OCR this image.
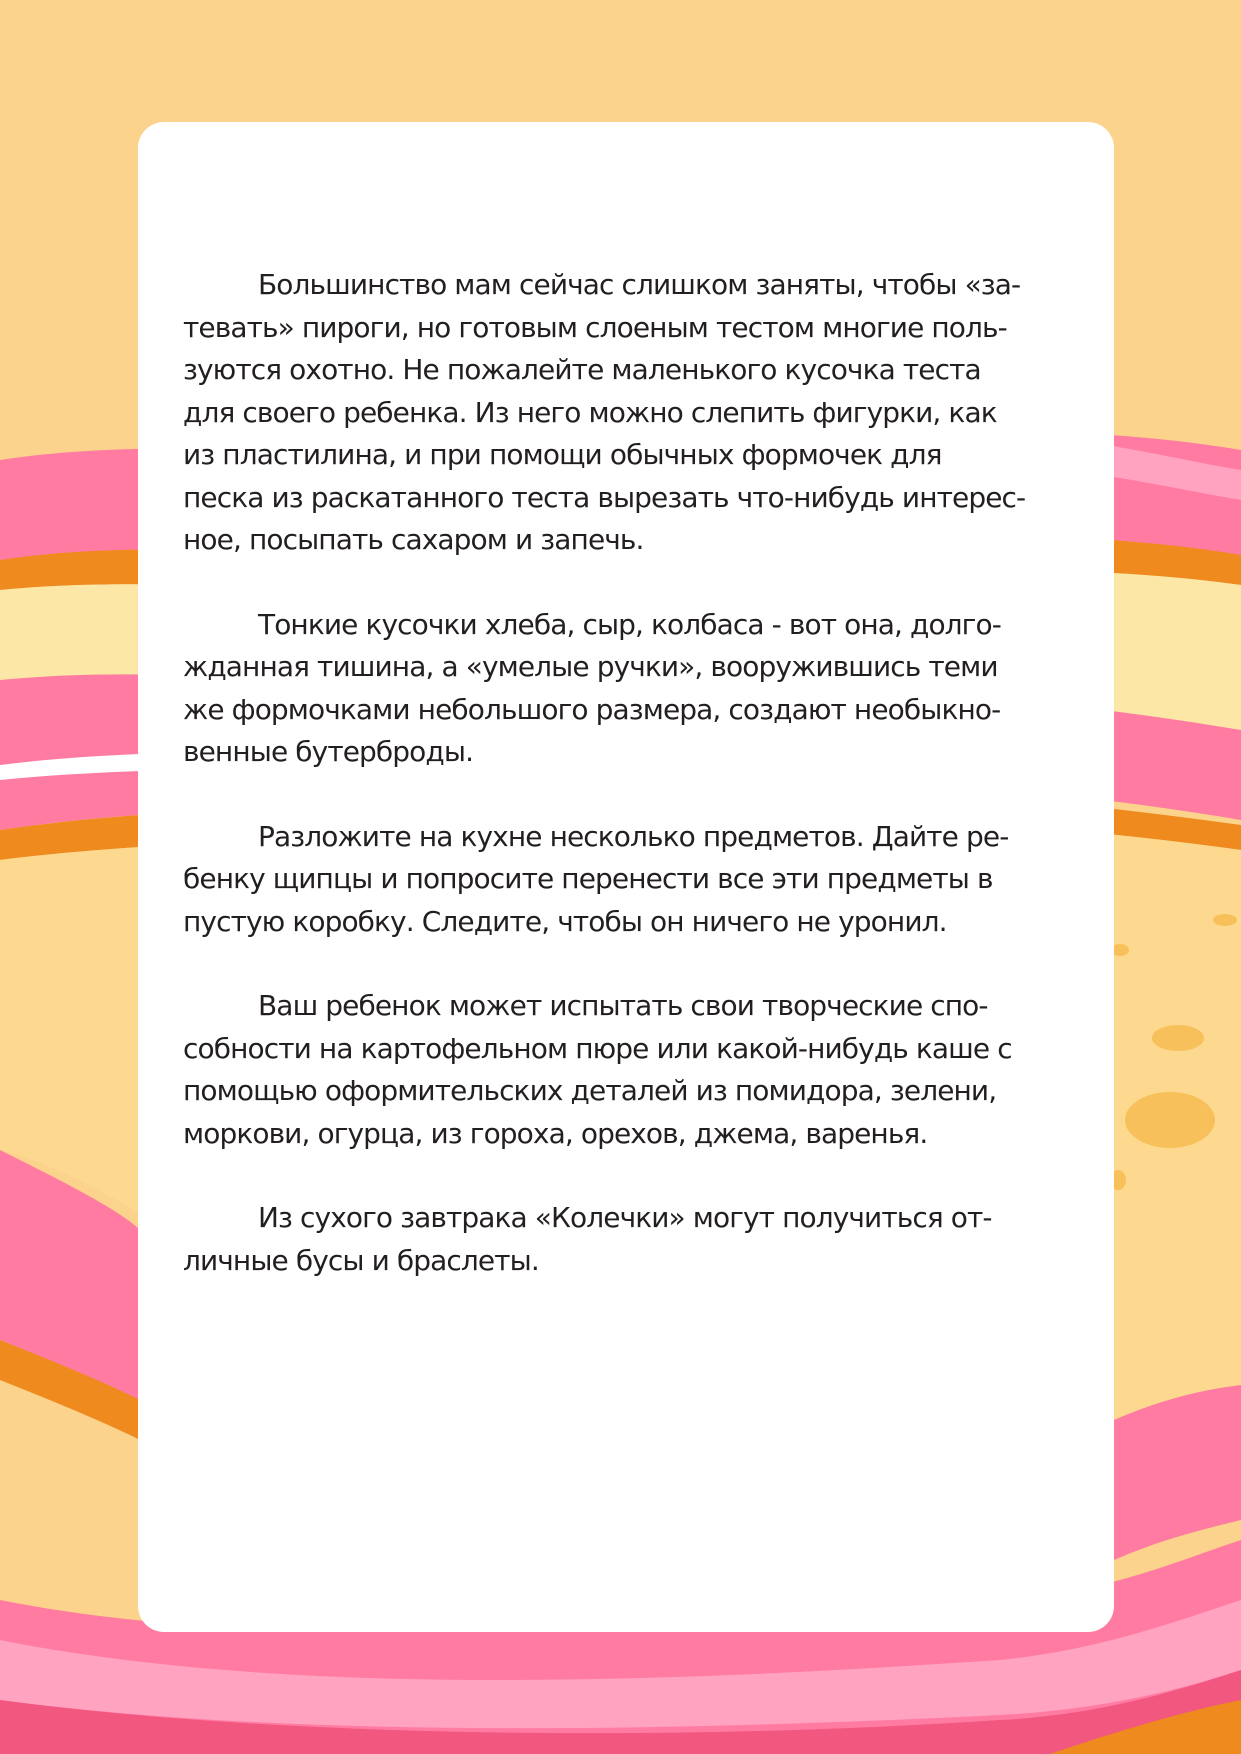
Большинство мам сейчас слишком заняты, чтобы «за-
тевать» пироги, но готовым слоеным тестом многие поль-
зуются охотно. Не пожалейте маленького кусочка теста
для своего ребенка. Из него можно слепить фигурки, как
из пластилина, и при помощи обычных формочек для
песка из раскатанного теста вырезать что-нибудь интерес-
ное, посыпать сахаром и запечь.

Тонкие кусочки хлеба, сыр, колбаса - вот она, долго-
жданная тишина, а «умелые ручки», вооружившись теми
же формочками небольшого размера, создают необыкно-
венные бутерброды.

Разложите на кухне несколько предметов. Дайте ре-
бенку щипцы и попросите перенести все эти предметы в
пустую коробку. Следите, чтобы он ничего не уронил.

Ваш ребенок может испытать свои творческие спо-
собности на картофельном пюре или какой-нибудь каше с
помощью оформительских деталей из помидора, зелени,
моркови, огурца, из гороха, орехов, джема, варенья.

Из сухого завтрака «Колечки» могут получиться от-
личные бусы и браслеты.
